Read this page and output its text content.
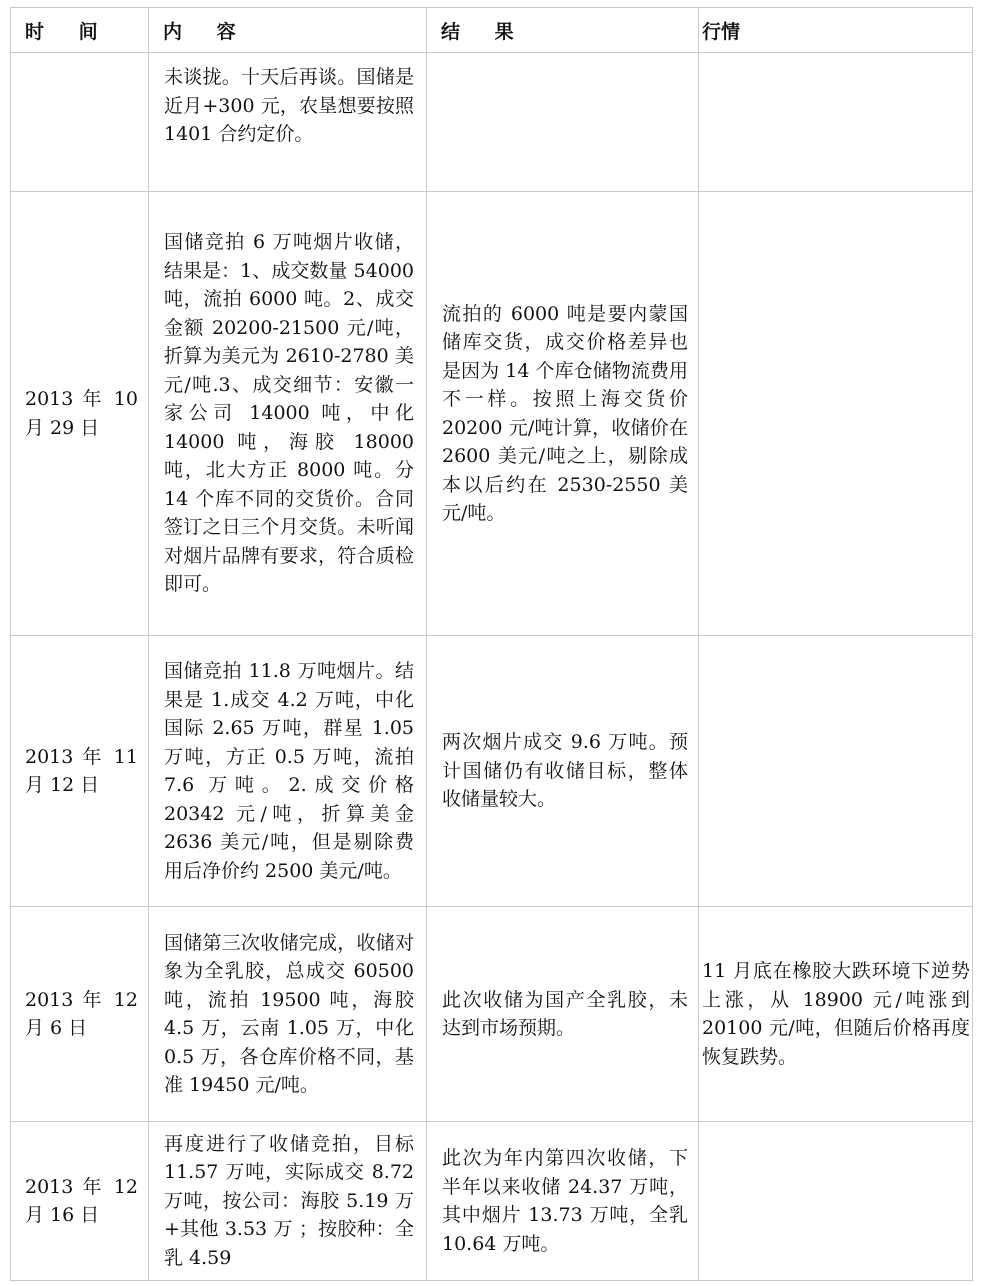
时 间	内 容	结 果	行情

	未谈拢。十天后再谈。国储是近月+300 元，农垦想要按照 1401 合约定价。		

2013 年 10 月 29 日	国储竞拍 6 万吨烟片收储，结果是：1、成交数量 54000 吨，流拍 6000 吨。2、成交金额 20200-21500 元/吨，折算为美元为 2610-2780 美元/吨.3、成交细节：安徽一家公司 14000 吨，中化 14000 吨，海胶 18000 吨，北大方正 8000 吨。分 14 个库不同的交货价。合同签订之日三个月交货。未听闻对烟片品牌有要求，符合质检即可。	流拍的 6000 吨是要内蒙国储库交货，成交价格差异也是因为 14 个库仓储物流费用不一样。按照上海交货价 20200 元/吨计算，收储价在 2600 美元/吨之上，剔除成本以后约在 2530-2550 美元/吨。	

2013 年 11 月 12 日	国储竞拍 11.8 万吨烟片。结果是 1.成交 4.2 万吨，中化国际 2.65 万吨，群星 1.05 万吨，方正 0.5 万吨，流拍 7.6 万吨。2.成交价格 20342 元/吨，折算美金 2636 美元/吨，但是剔除费用后净价约 2500 美元/吨。	两次烟片成交 9.6 万吨。预计国储仍有收储目标，整体收储量较大。	

2013 年 12 月 6 日	国储第三次收储完成，收储对象为全乳胶，总成交 60500 吨，流拍 19500 吨，海胶 4.5 万，云南 1.05 万，中化 0.5 万，各仓库价格不同，基准 19450 元/吨。	此次收储为国产全乳胶，未达到市场预期。	11 月底在橡胶大跌环境下逆势上涨，从 18900 元/吨涨到 20100 元/吨，但随后价格再度恢复跌势。

2013 年 12 月 16 日	再度进行了收储竞拍，目标 11.57 万吨，实际成交 8.72 万吨，按公司：海胶 5.19 万+其他 3.53 万 ；按胶种：全乳 4.59	此次为年内第四次收储，下半年以来收储 24.37 万吨，其中烟片 13.73 万吨，全乳 10.64 万吨。	
